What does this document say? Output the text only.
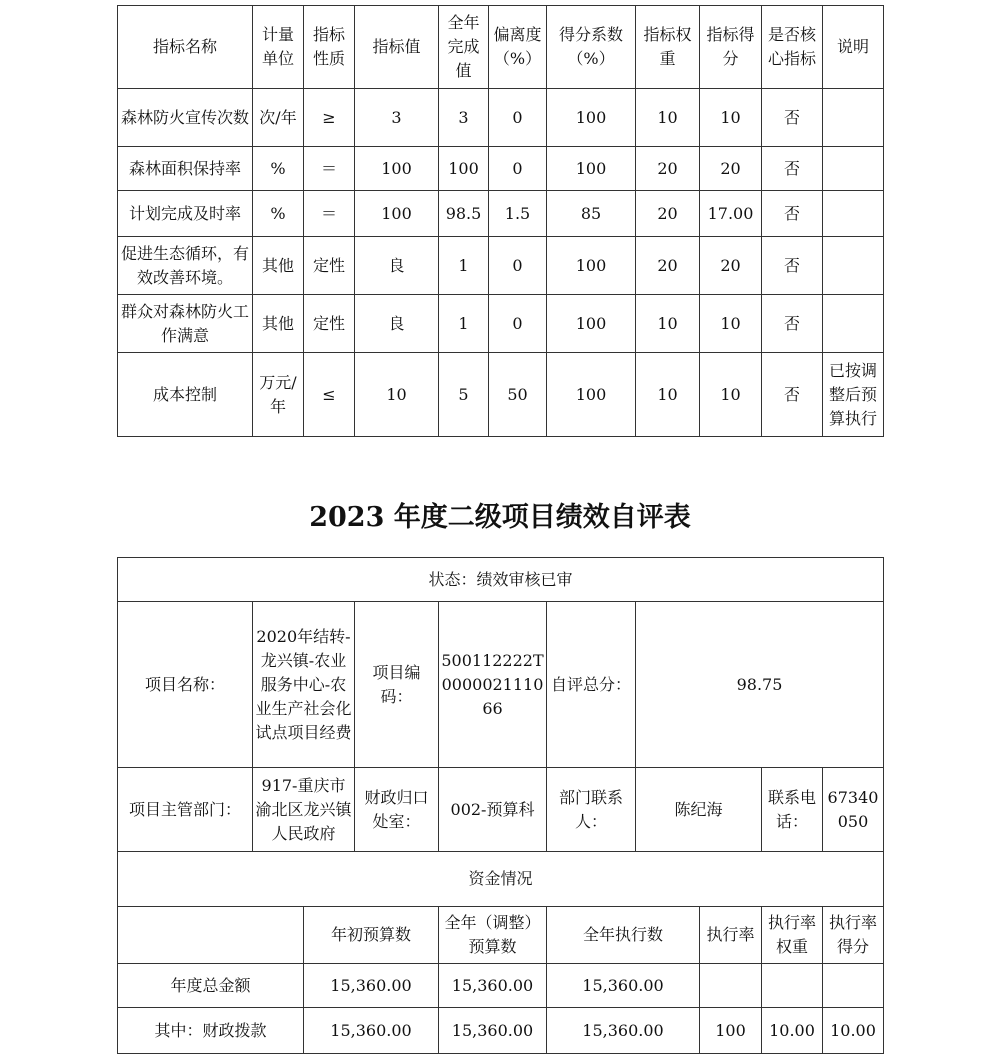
指标名称	计量单位	指标性质	指标值	全年完成值	偏离度（%）	得分系数（%）	指标权重	指标得分	是否核心指标	说明
森林防火宣传次数	次/年	≥	3	3	0	100	10	10	否	
森林面积保持率	%	＝	100	100	0	100	20	20	否	
计划完成及时率	%	＝	100	98.5	1.5	85	20	17.00	否	
促进生态循环，有效改善环境。	其他	定性	良	1	0	100	20	20	否	
群众对森林防火工作满意	其他	定性	良	1	0	100	10	10	否	
成本控制	万元/年	≤	10	5	50	100	10	10	否	已按调整后预算执行
2023 年度二级项目绩效自评表
状态：绩效审核已审									
项目名称：	2020年结转-龙兴镇-农业服务中心-农业生产社会化试点项目经费		项目编码：	500112222T000002111066	自评总分：	98.75			
项目主管部门：	917-重庆市渝北区龙兴镇人民政府		财政归口处室：	002-预算科	部门联系人：	陈纪海		联系电话：	67340050
资金情况									
		年初预算数		全年（调整）预算数	全年执行数		执行率	执行率权重	执行率得分
年度总金额		15,360.00		15,360.00	15,360.00				
其中：财政拨款		15,360.00		15,360.00	15,360.00		100	10.00	10.00
